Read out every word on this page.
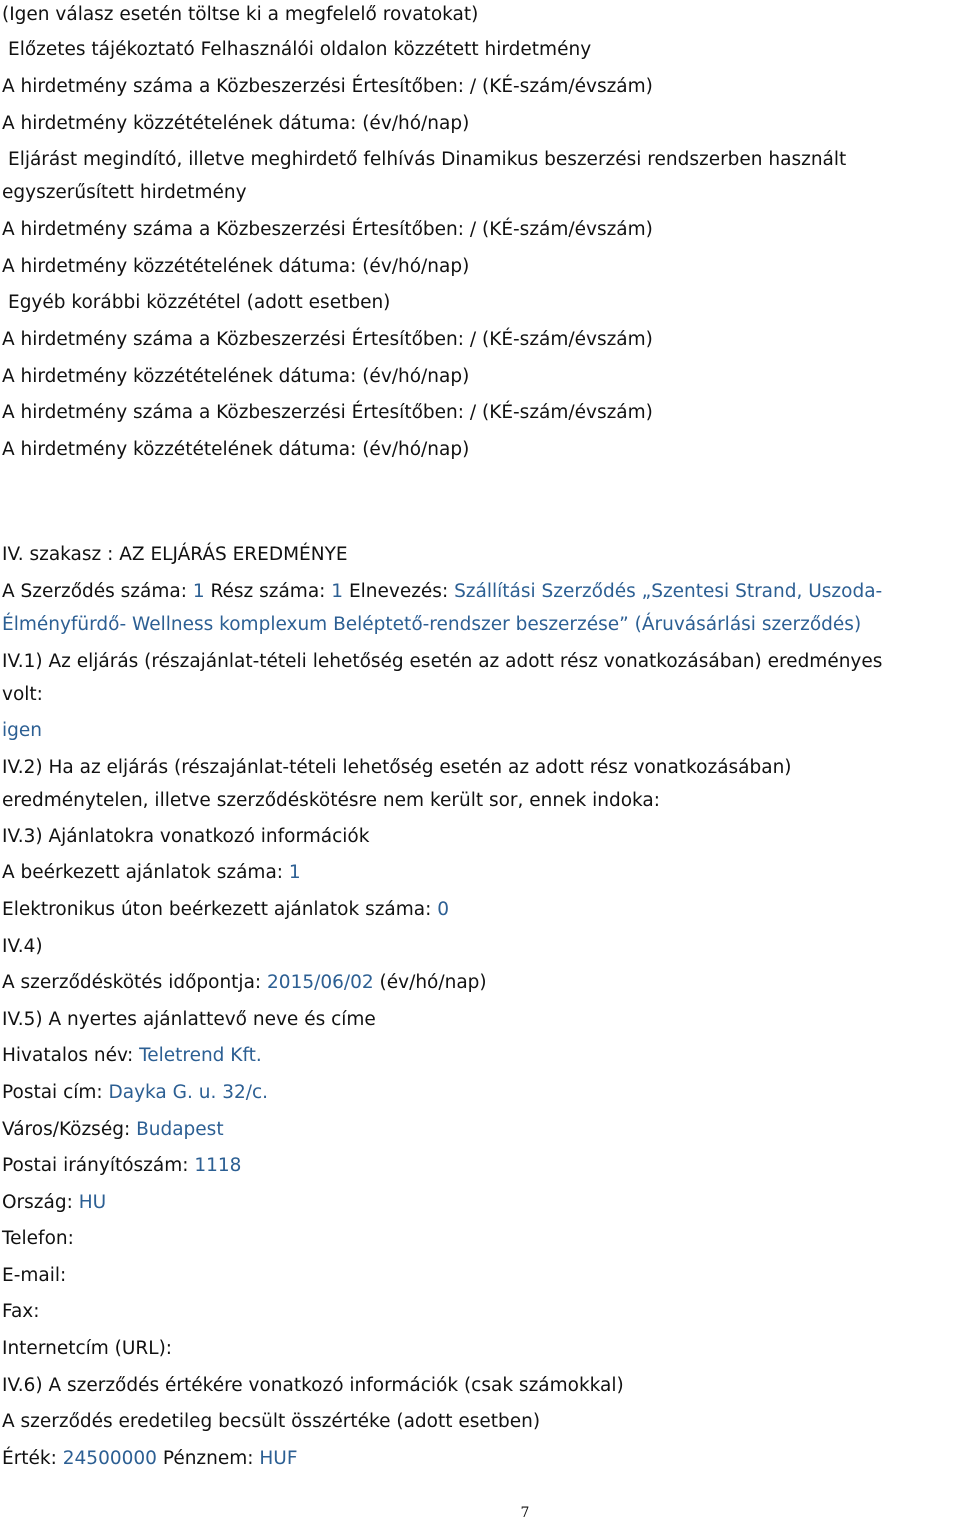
(Igen válasz esetén töltse ki a megfelelő rovatokat)
Előzetes tájékoztató Felhasználói oldalon közzétett hirdetmény
A hirdetmény száma a Közbeszerzési Értesítőben: / (KÉ-szám/évszám)
A hirdetmény közzétételének dátuma: (év/hó/nap)
Eljárást megindító, illetve meghirdető felhívás Dinamikus beszerzési rendszerben használt
egyszerűsített hirdetmény
A hirdetmény száma a Közbeszerzési Értesítőben: / (KÉ-szám/évszám)
A hirdetmény közzétételének dátuma: (év/hó/nap)
Egyéb korábbi közzététel (adott esetben)
A hirdetmény száma a Közbeszerzési Értesítőben: / (KÉ-szám/évszám)
A hirdetmény közzétételének dátuma: (év/hó/nap)
A hirdetmény száma a Közbeszerzési Értesítőben: / (KÉ-szám/évszám)
A hirdetmény közzétételének dátuma: (év/hó/nap)
IV. szakasz : AZ ELJÁRÁS EREDMÉNYE
A Szerződés száma: 1 Rész száma: 1 Elnevezés: Szállítási Szerződés „Szentesi Strand, Uszoda-
Élményfürdő- Wellness komplexum Beléptető-rendszer beszerzése” (Áruvásárlási szerződés)
IV.1) Az eljárás (részajánlat-tételi lehetőség esetén az adott rész vonatkozásában) eredményes
volt:
igen
IV.2) Ha az eljárás (részajánlat-tételi lehetőség esetén az adott rész vonatkozásában)
eredménytelen, illetve szerződéskötésre nem került sor, ennek indoka:
IV.3) Ajánlatokra vonatkozó információk
A beérkezett ajánlatok száma: 1
Elektronikus úton beérkezett ajánlatok száma: 0
IV.4)
A szerződéskötés időpontja: 2015/06/02 (év/hó/nap)
IV.5) A nyertes ajánlattevő neve és címe
Hivatalos név: Teletrend Kft.
Postai cím: Dayka G. u. 32/c.
Város/Község: Budapest
Postai irányítószám: 1118
Ország: HU
Telefon:
E-mail:
Fax:
Internetcím (URL):
IV.6) A szerződés értékére vonatkozó információk (csak számokkal)
A szerződés eredetileg becsült összértéke (adott esetben)
Érték: 24500000 Pénznem: HUF
7
